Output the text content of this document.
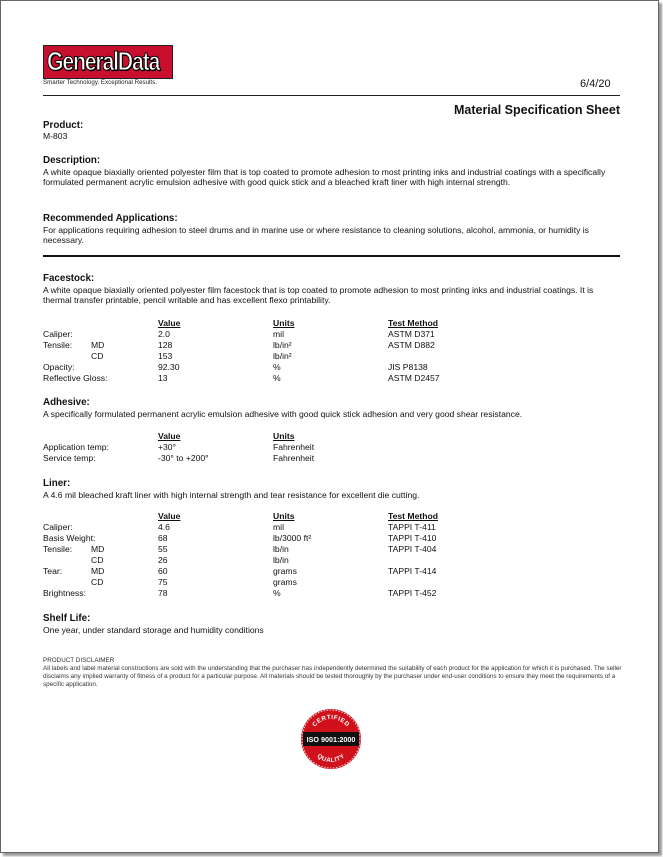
GeneralData
Smarter Technology. Exceptional Results.	6/4/20
Material Specification Sheet
Product:
M-803
Description:
A white opaque biaxially oriented polyester film that is top coated to promote adhesion to most printing inks and industrial coatings with a specifically formulated permanent acrylic emulsion adhesive with good quick stick and a bleached kraft liner with high internal strength.
Recommended Applications:
For applications requiring adhesion to steel drums and in marine use or where resistance to cleaning solutions, alcohol, ammonia, or humidity is necessary.
Facestock:
A white opaque biaxially oriented polyester film facestock that is top coated to promote adhesion to most printing inks and industrial coatings. It is thermal transfer printable, pencil writable and has excellent flexo printability.
		Value	Units	Test Method
Caliper:		2.0	mil	ASTM D371
Tensile:	MD	128	lb/in²	ASTM D882
	CD	153	lb/in²	
Opacity:		92.30	%	JIS P8138
Reflective Gloss:		13	%	ASTM D2457
Adhesive:
A specifically formulated permanent acrylic emulsion adhesive with good quick stick adhesion and very good shear resistance.
		Value	Units	
Application temp:		+30°	Fahrenheit	
Service temp:		-30° to +200°	Fahrenheit	
Liner:
A 4.6 mil bleached kraft liner with high internal strength and tear resistance for excellent die cutting.
		Value	Units	Test Method
Caliper:		4.6	mil	TAPPI T-411
Basis Weight:		68	lb/3000 ft²	TAPPI T-410
Tensile:	MD	55	lb/in	TAPPI T-404
	CD	26	lb/in	
Tear:	MD	60	grams	TAPPI T-414
	CD	75	grams	
Brightness:		78	%	TAPPI T-452
Shelf Life:
One year, under standard storage and humidity conditions
PRODUCT DISCLAIMER
All labels and label material constructions are sold with the understanding that the purchaser has independently determined the suitability of each product for the application for which it is purchased. The seller disclaims any implied warranty of fitness of a product for a particular purpose. All materials should be tested thoroughly by the purchaser under end-user conditions to ensure they meet the requirements of a specific application.
CERTIFIED
ISO 9001:2000
QUALITY
